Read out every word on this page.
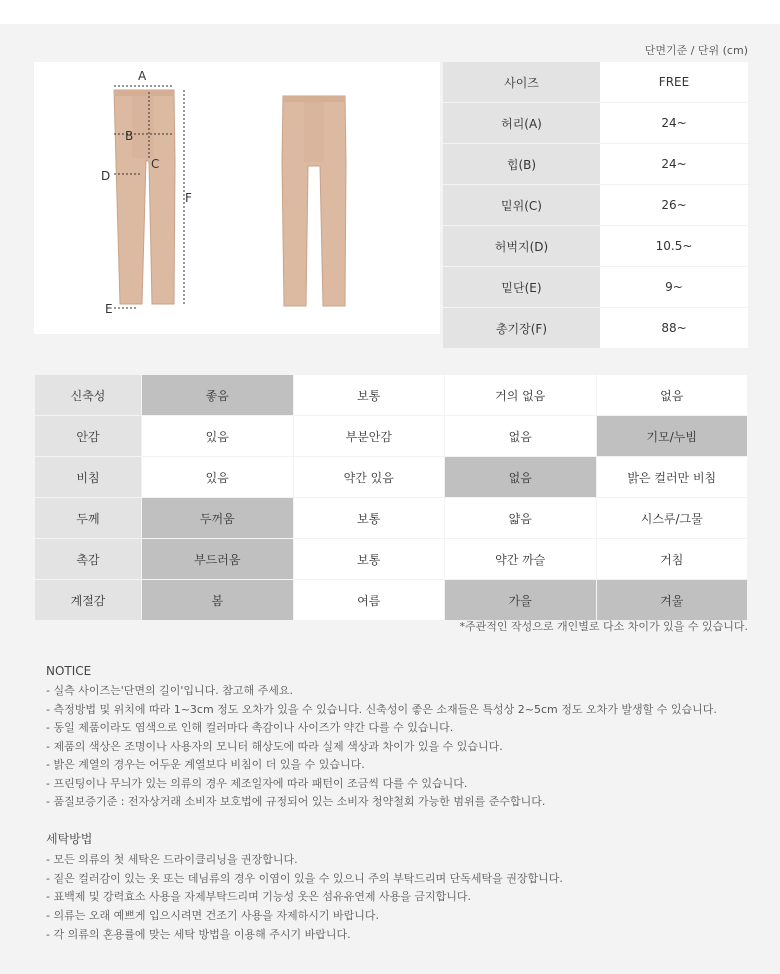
단면기준 / 단위 (cm)
A
B
C
D
E
F
사이즈	FREE
허리(A)	24~
힙(B)	24~
밑위(C)	26~
허벅지(D)	10.5~
밑단(E)	9~
총기장(F)	88~
신축성	좋음	보통	거의 없음	없음
안감	있음	부분안감	없음	기모/누빔
비침	있음	약간 있음	없음	밝은 컬러만 비침
두께	두꺼움	보통	얇음	시스루/그물
촉감	부드러움	보통	약간 까슬	거침
계절감	봄	여름	가을	겨울
*주관적인 작성으로 개인별로 다소 차이가 있을 수 있습니다.
NOTICE
- 실측 사이즈는'단면의 길이'입니다. 참고해 주세요.
- 측정방법 및 위치에 따라 1~3cm 정도 오차가 있을 수 있습니다. 신축성이 좋은 소재들은 특성상 2~5cm 정도 오차가 발생할 수 있습니다.
- 동일 제품이라도 염색으로 인해 컬러마다 촉감이나 사이즈가 약간 다를 수 있습니다.
- 제품의 색상은 조명이나 사용자의 모니터 해상도에 따라 실제 색상과 차이가 있을 수 있습니다.
- 밝은 계열의 경우는 어두운 계열보다 비침이 더 있을 수 있습니다.
- 프린팅이나 무늬가 있는 의류의 경우 제조일자에 따라 패턴이 조금씩 다를 수 있습니다.
- 품질보증기준 : 전자상거래 소비자 보호법에 규정되어 있는 소비자 청약철회 가능한 범위를 준수합니다.
세탁방법
- 모든 의류의 첫 세탁은 드라이클리닝을 권장합니다.
- 짙은 컬러감이 있는 옷 또는 데님류의 경우 이염이 있을 수 있으니 주의 부탁드리며 단독세탁을 권장합니다.
- 표백제 및 강력효소 사용을 자제부탁드리며 기능성 옷은 섬유유연제 사용을 금지합니다.
- 의류는 오래 예쁘게 입으시려면 건조기 사용을 자제하시기 바랍니다.
- 각 의류의 혼용률에 맞는 세탁 방법을 이용해 주시기 바랍니다.
